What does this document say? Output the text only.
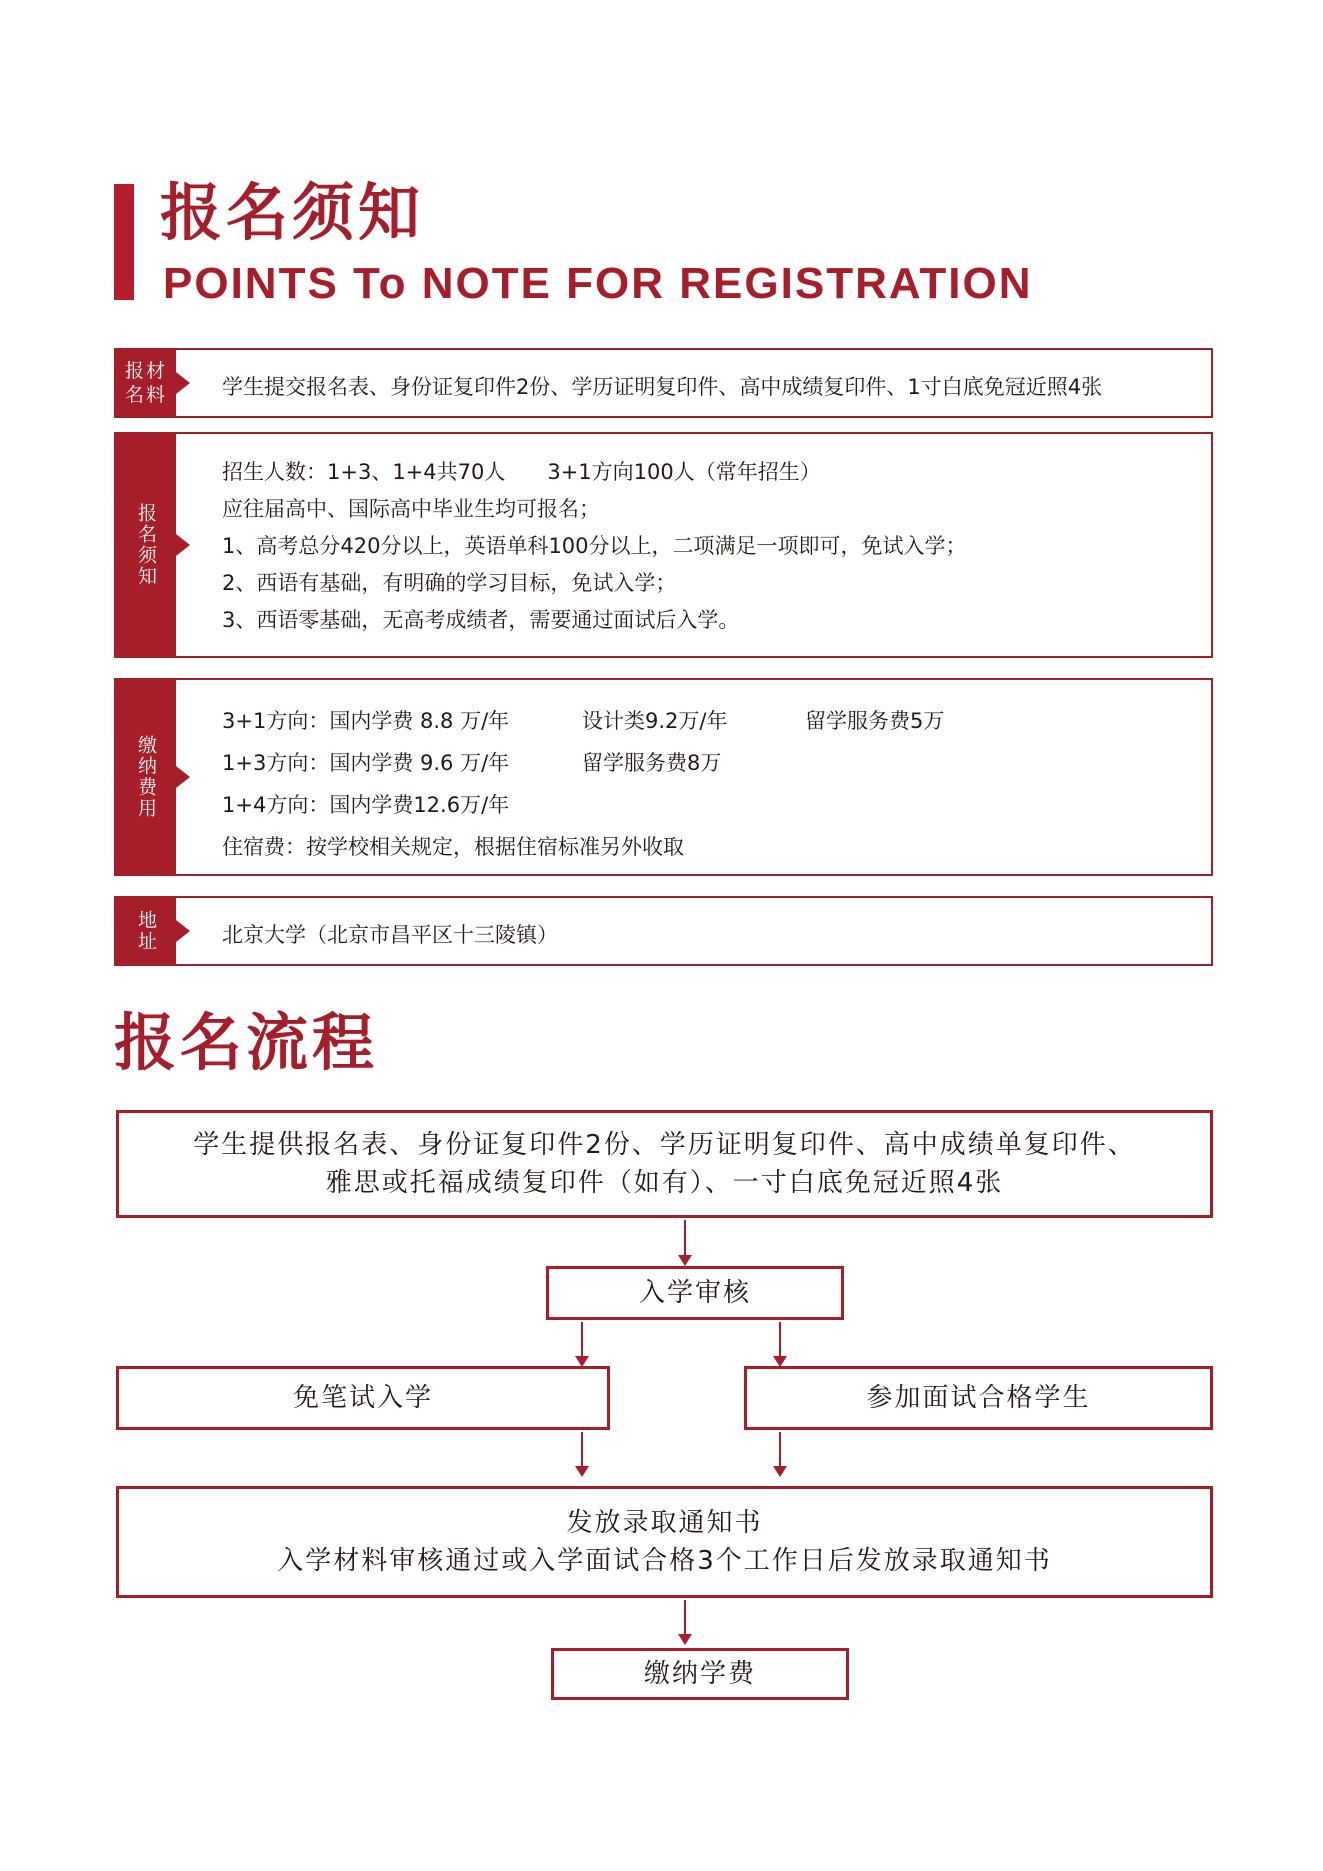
报名须知
POINTS To NOTE FOR REGISTRATION
报材名料	学生提交报名表、身份证复印件2份、学历证明复印件、高中成绩复印件、1寸白底免冠近照4张
报名须知
招生人数：1+3、1+4共70人　　3+1方向100人（常年招生）
应往届高中、国际高中毕业生均可报名；
1、高考总分420分以上，英语单科100分以上，二项满足一项即可，免试入学；
2、西语有基础，有明确的学习目标，免试入学；
3、西语零基础，无高考成绩者，需要通过面试后入学。
缴纳费用
3+1方向：国内学费 8.8 万/年	设计类9.2万/年	留学服务费5万
1+3方向：国内学费 9.6 万/年	留学服务费8万
1+4方向：国内学费12.6万/年
住宿费：按学校相关规定，根据住宿标准另外收取
地址	北京大学（北京市昌平区十三陵镇）
报名流程
学生提供报名表、身份证复印件2份、学历证明复印件、高中成绩单复印件、
雅思或托福成绩复印件（如有）、一寸白底免冠近照4张
入学审核
免笔试入学	参加面试合格学生
发放录取通知书
入学材料审核通过或入学面试合格3个工作日后发放录取通知书
缴纳学费
